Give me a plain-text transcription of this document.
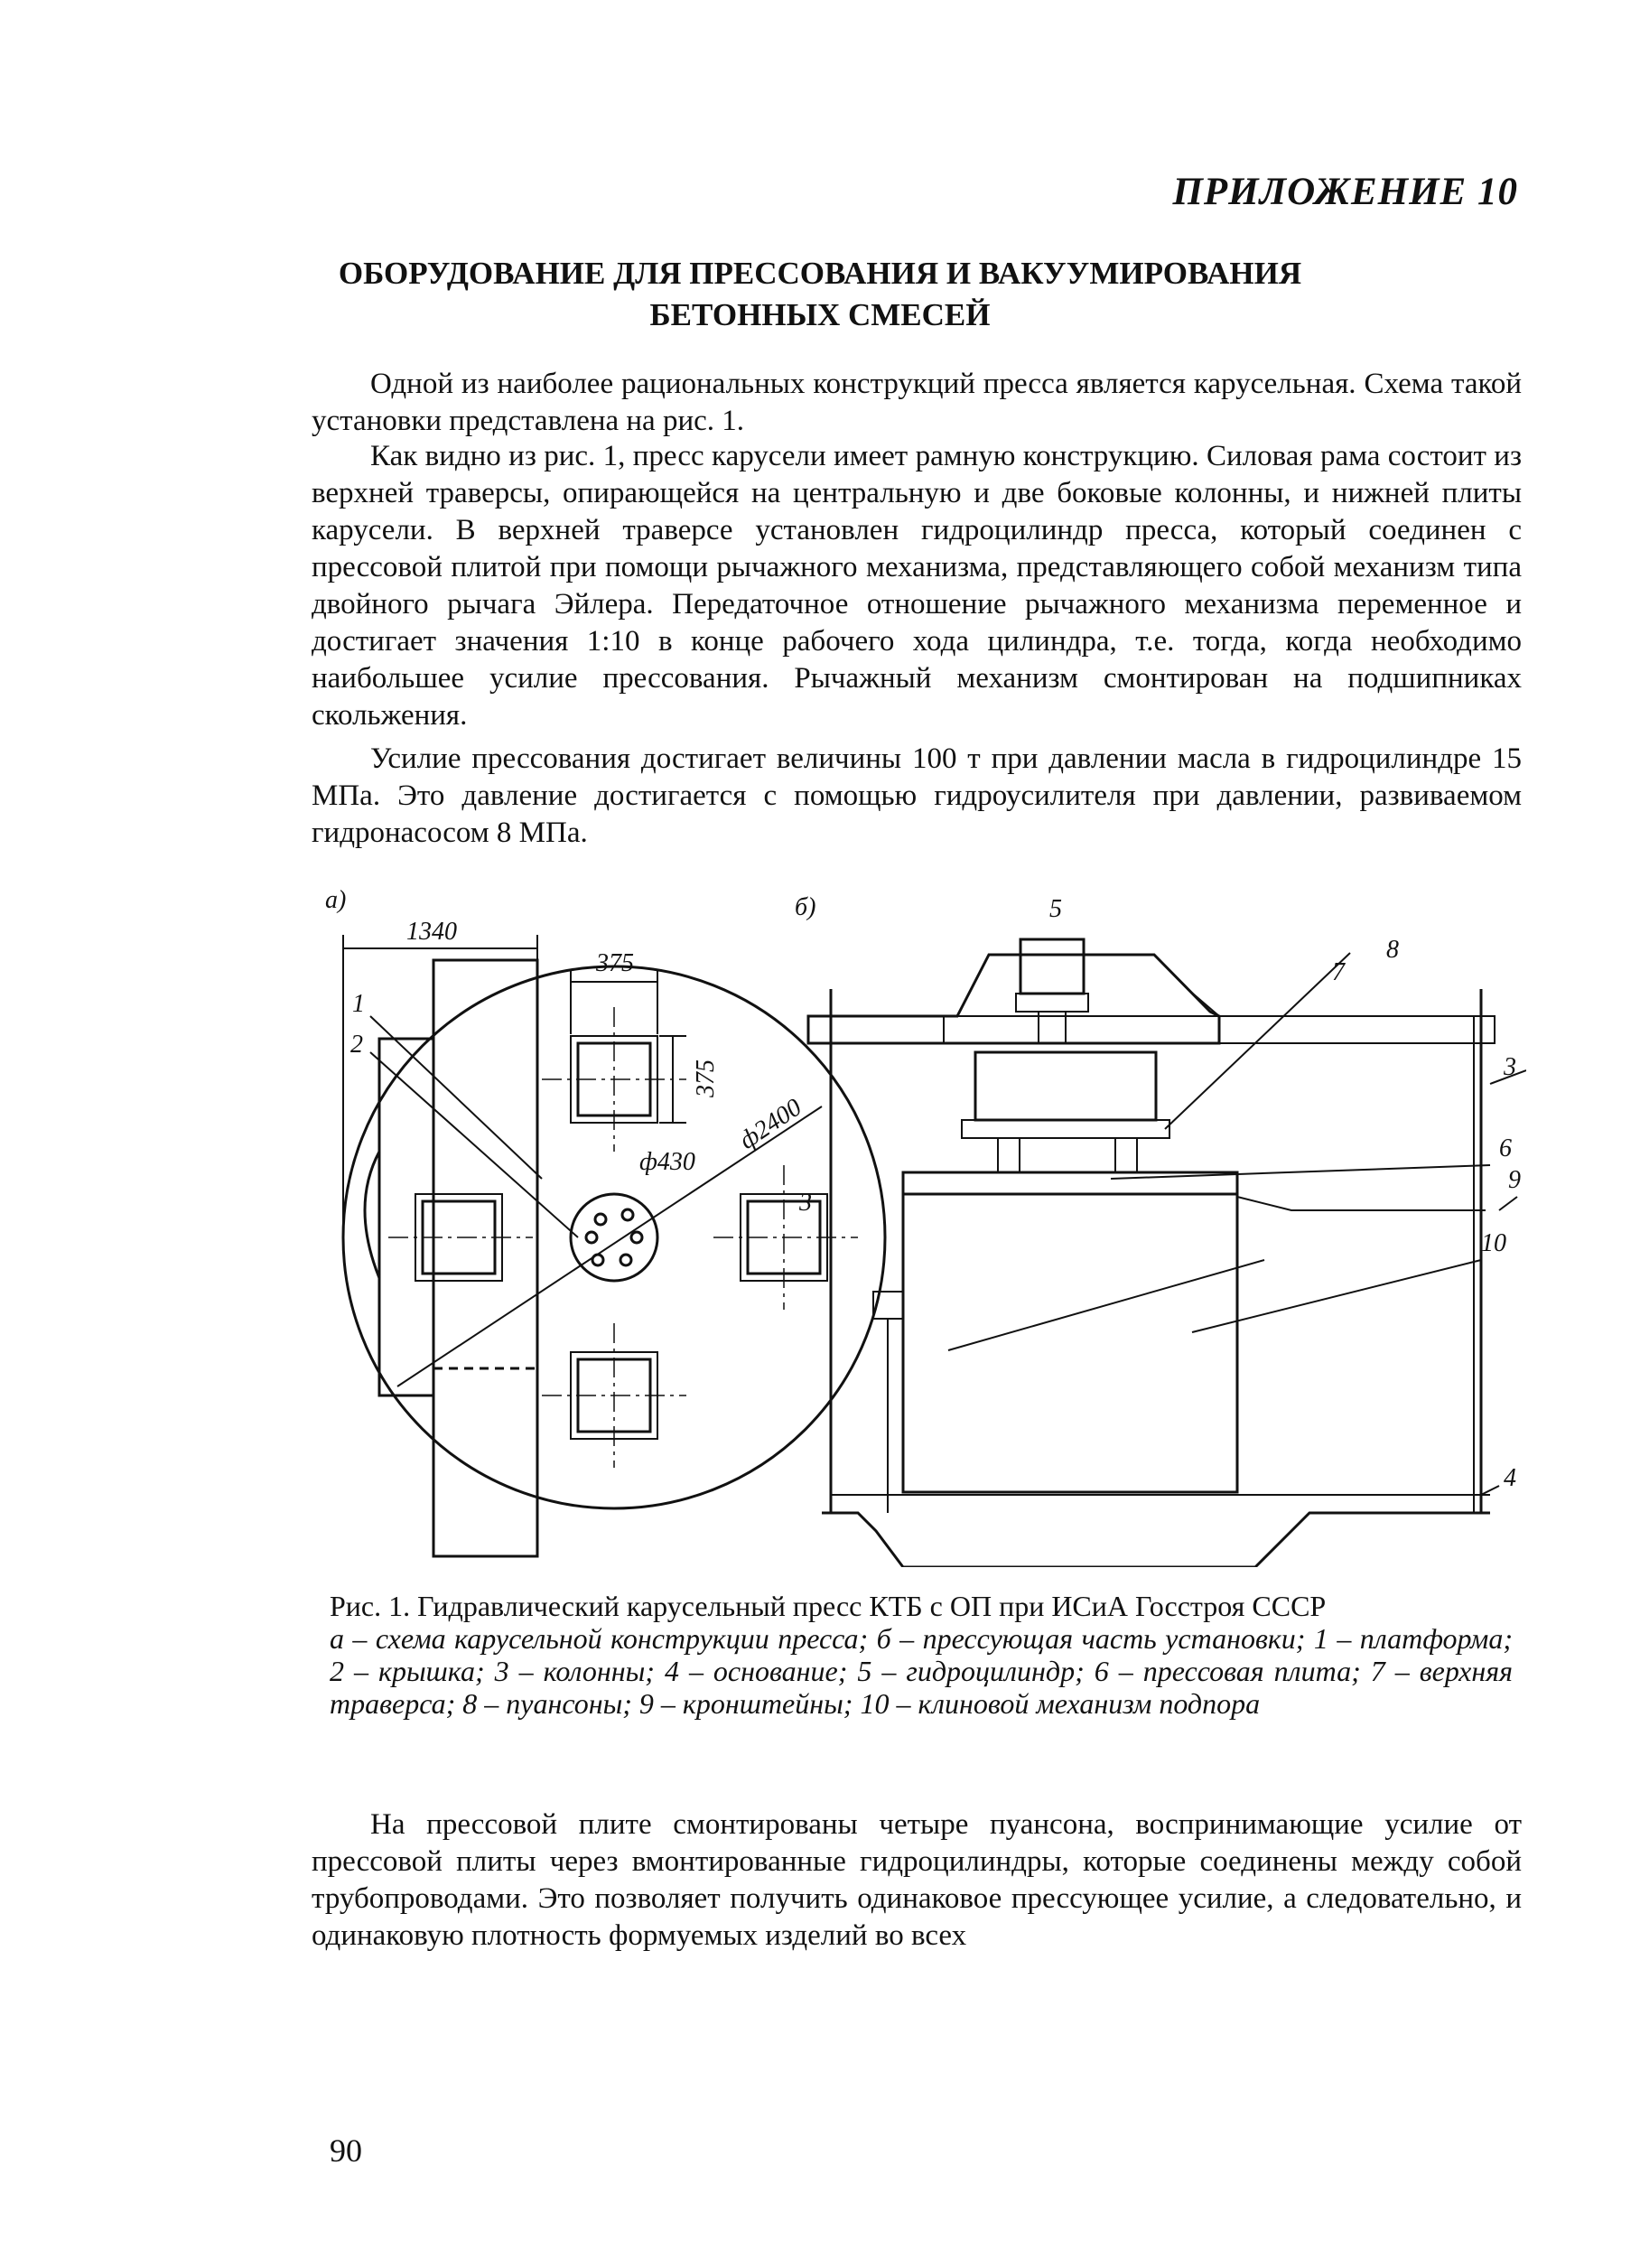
ПРИЛОЖЕНИЕ 10
ОБОРУДОВАНИЕ ДЛЯ ПРЕССОВАНИЯ И ВАКУУМИРОВАНИЯ
БЕТОННЫХ СМЕСЕЙ

Одной из наиболее рациональных конструкций пресса является карусельная. Схема такой установки представлена на рис. 1.

Как видно из рис. 1, пресс карусели имеет рамную конструкцию. Силовая рама состоит из верхней траверсы, опирающейся на центральную и две боковые колонны, и нижней плиты карусели. В верхней траверсе установлен гидроцилиндр пресса, который соединен с прессовой плитой при помощи рычажного механизма, представляющего собой механизм типа двойного рычага Эйлера. Передаточное отношение рычажного механизма переменное и достигает значения 1:10 в конце рабочего хода цилиндра, т.е. тогда, когда необходимо наибольшее усилие прессования. Рычажный механизм смонтирован на подшипниках скольжения.

Усилие прессования достигает величины 100 т при давлении масла в гидроцилиндре 15 МПа. Это давление достигается с помощью гидроусилителя при давлении, развиваемом гидронасосом 8 МПа.

а)	б)
1340
375
375
ф430
ф2400
1
2
5
7
8
3
6
3
9
10
4
Рис. 1. Гидравлический карусельный пресс КТБ с ОП при ИСиА Госстроя СССР
а – схема карусельной конструкции пресса; б – прессующая часть установки; 1 – платформа; 2 – крышка; 3 – колонны; 4 – основание; 5 – гидроцилиндр; 6 – прессовая плита; 7 – верхняя траверса; 8 – пуансоны; 9 – кронштейны; 10 – клиновой механизм подпора

На прессовой плите смонтированы четыре пуансона, воспринимающие усилие от прессовой плиты через вмонтированные гидроцилиндры, которые соединены между собой трубопроводами. Это позволяет получить одинаковое прессующее усилие, а следовательно, и одинаковую плотность формуемых изделий во всех

90
